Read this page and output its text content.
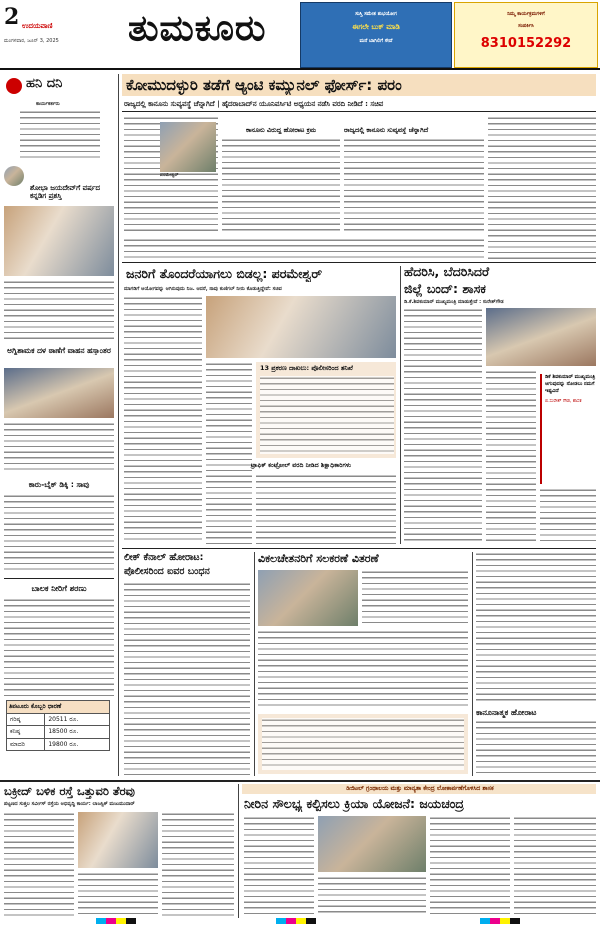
2 ಉದಯವಾಣಿ
ಮಂಗಳವಾರ, ಜೂನ್ 3, 2025 ತುಮಕೂರು	ಸುಸ್ತಿ ಸಮೇತ ಶುಭಯೋಗ
ಈಗಲೇ ಬುಕ್ ಮಾಡಿ
ಮನೆ ಬಾಗಿಲಿಗೆ ಸೇವೆ
ನಿಮ್ಮ ಕಾರ್ಯಕ್ರಮಗಳಿಗೆ
ಸಂಪರ್ಕಿಸಿ
8310152292
ಹನಿ ದನಿ
ಕಾರ್ಯಕರ್ತರು
ಶೋಭಾ ಜಯದೇವ್‌ಗೆ ವರ್ಷದ ಕನ್ನಡಿಗ ಪ್ರಶಸ್ತಿ
ಅಗ್ನಿಶಾಮಕ ದಳ ಠಾಣೆಗೆ ವಾಹನ ಹಸ್ತಾಂತರ
ಕಾರು-ಬೈಕ್ ಡಿಕ್ಕಿ : ಸಾವು
ಬಾಲಕ ನೀರಿಗೆ ಶರಣು
ತಿಪಟೂರು ಕೊಬ್ಬರಿ ಧಾರಣೆ	
ಗರಿಷ್ಠ	20511 ರೂ.
ಕನಿಷ್ಠ	18500 ರೂ.
ಮಾದರಿ	19800 ರೂ.
ಕೋಮುದಳ್ಳುರಿ ತಡೆಗೆ ಆ್ಯಂಟಿ ಕಮ್ಯುನಲ್ ಫೋರ್ಸ್: ಪರಂ
ರಾಜ್ಯದಲ್ಲಿ ಕಾನೂನು ಸುವ್ಯವಸ್ಥೆ ಚೆನ್ನಾಗಿದೆ | ಹೈದರಾಬಾದ್‌ನ ಯೂನಿವರ್ಸಿಟಿ ಅಧ್ಯಯನ ನಡೆಸಿ ವರದಿ ನೀಡಿದೆ : ಸಚಿವ
ಪರಮೇಶ್ವರ್
ಕಾನೂನು ವಿರುದ್ಧ ಹೋರಾಟ ಕ್ರಮ	ರಾಜ್ಯದಲ್ಲಿ ಕಾನೂನು ಸುವ್ಯವಸ್ಥೆ ಚೆನ್ನಾಗಿದೆ
ಜನರಿಗೆ ತೊಂದರೆಯಾಗಲು ಬಿಡಲ್ಲ: ಪರಮೇಶ್ವರ್
ಮಾಗಡಿಗೆ ಆಯೋಗವನ್ನು ಆಗಿರುವುದು ನಿಜ. ಆದರೆ, ನಾವು ಕುಣಿಗಲ್ ನೀರು ಕೊಡುತ್ತಿದ್ದೇವೆ: ಸಚಿವ
13 ಪ್ರಕರಣ ದಾಖಲು: ಪೊಲೀಸರಿಂದ ತನಿಖೆ
ಟ್ರಾಫಿಕ್ ಕಂಟ್ರೋಲ್ ವರದಿ ನೀಡಿದ ಶಿಕ್ಷಾಧಿಕಾರಿಗಳು
ಹೆದರಿಸಿ, ಬೆದರಿಸಿದರೆ
ಜಿಲ್ಲೆ ಬಂದ್: ಶಾಸಕ
ಡಿ.ಕೆ.ಶಿವಕುಮಾರ್ ಮುಖ್ಯಮಂತ್ರಿ ಮಾಡುತ್ತೇವೆ : ಸುರೇಶ್‌ಗೌಡ
ಡಿಕೆ ಶಿವಕುಮಾರ್ ಮುಖ್ಯಮಂತ್ರಿ ಆಗುವುದನ್ನು ನೋಡಲು ನಮಗೆ ಇಷ್ಟವಿದೆ
ಬಿ.ಸುರೇಶ್ ಗೌಡ, ಶಾಸಕ
ಲೀಕ್ ಕೆನಾಲ್ ಹೋರಾಟ:
ಪೊಲೀಸರಿಂದ ಐವರ ಬಂಧನ
ವಿಕಲಚೇತನರಿಗೆ ಸಲಕರಣೆ ವಿತರಣೆ
ಕಾನೂನಾತ್ಮಕ ಹೋರಾಟ
ಬಕ್ರೀದ್ ಬಳಿಕ ರಸ್ತೆ ಒತ್ತುವರಿ ತೆರವು
ಪಟ್ಟಣದ ಸುತ್ತಲ ಸರ್ವೀಸ್ ರಸ್ತೆಯ ಅಭಿವೃದ್ಧಿ ಕಾರ್ಯ: ಲಾಜಸ್ಟಿಕ್ ಮಜುಮುದಾರ್
ಡಿಜಿಟಲ್ ಗ್ರಂಥಾಲಯ ಮತ್ತು ಮಾನ್ಯತಾ ಕೇಂದ್ರ ಲೋಕಾರ್ಪಣೆಗೊಳಿಸಿದ ಶಾಸಕ
ನೀರಿನ ಸೌಲಭ್ಯ ಕಲ್ಪಿಸಲು ಕ್ರಿಯಾ ಯೋಜನೆ: ಜಯಚಂದ್ರ
